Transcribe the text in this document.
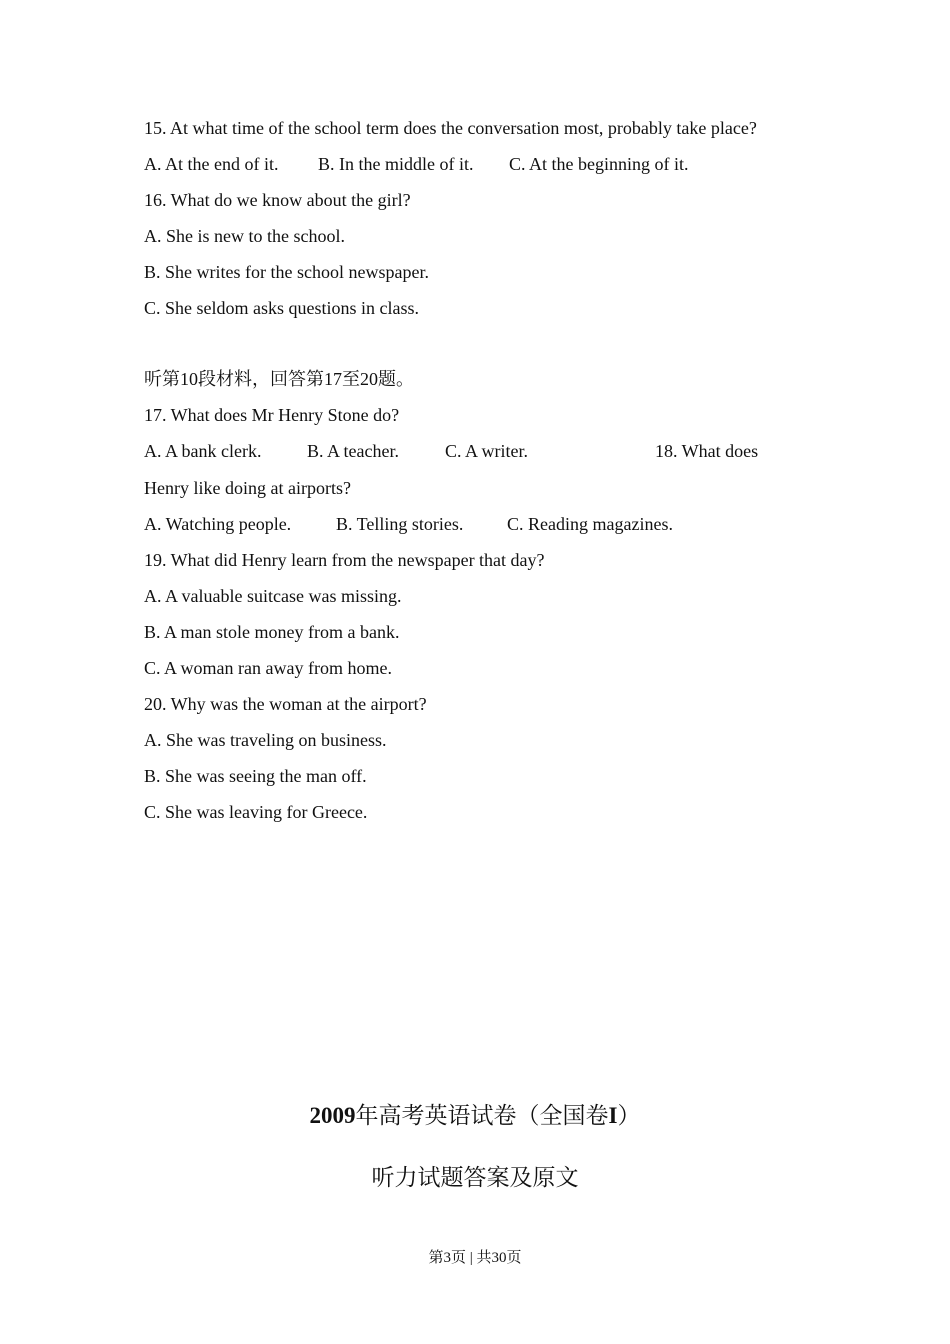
15. At what time of the school term does the conversation most, probably take place?
A. At the end of it. B. In the middle of it. C. At the beginning of it.
16. What do we know about the girl?
A. She is new to the school.
B. She writes for the school newspaper.
C. She seldom asks questions in class.
听第10段材料，回答第17至20题。
17. What does Mr Henry Stone do?
A. A bank clerk.	B. A teacher.	C. A writer.	18. What does
Henry like doing at airports?
A. Watching people. B. Telling stories. C. Reading magazines.
19. What did Henry learn from the newspaper that day?
A. A valuable suitcase was missing.
B. A man stole money from a bank.
C. A woman ran away from home.
20. Why was the woman at the airport?
A. She was traveling on business.
B. She was seeing the man off.
C. She was leaving for Greece.
2009年高考英语试卷（全国卷I）
听力试题答案及原文
第3页 | 共30页
